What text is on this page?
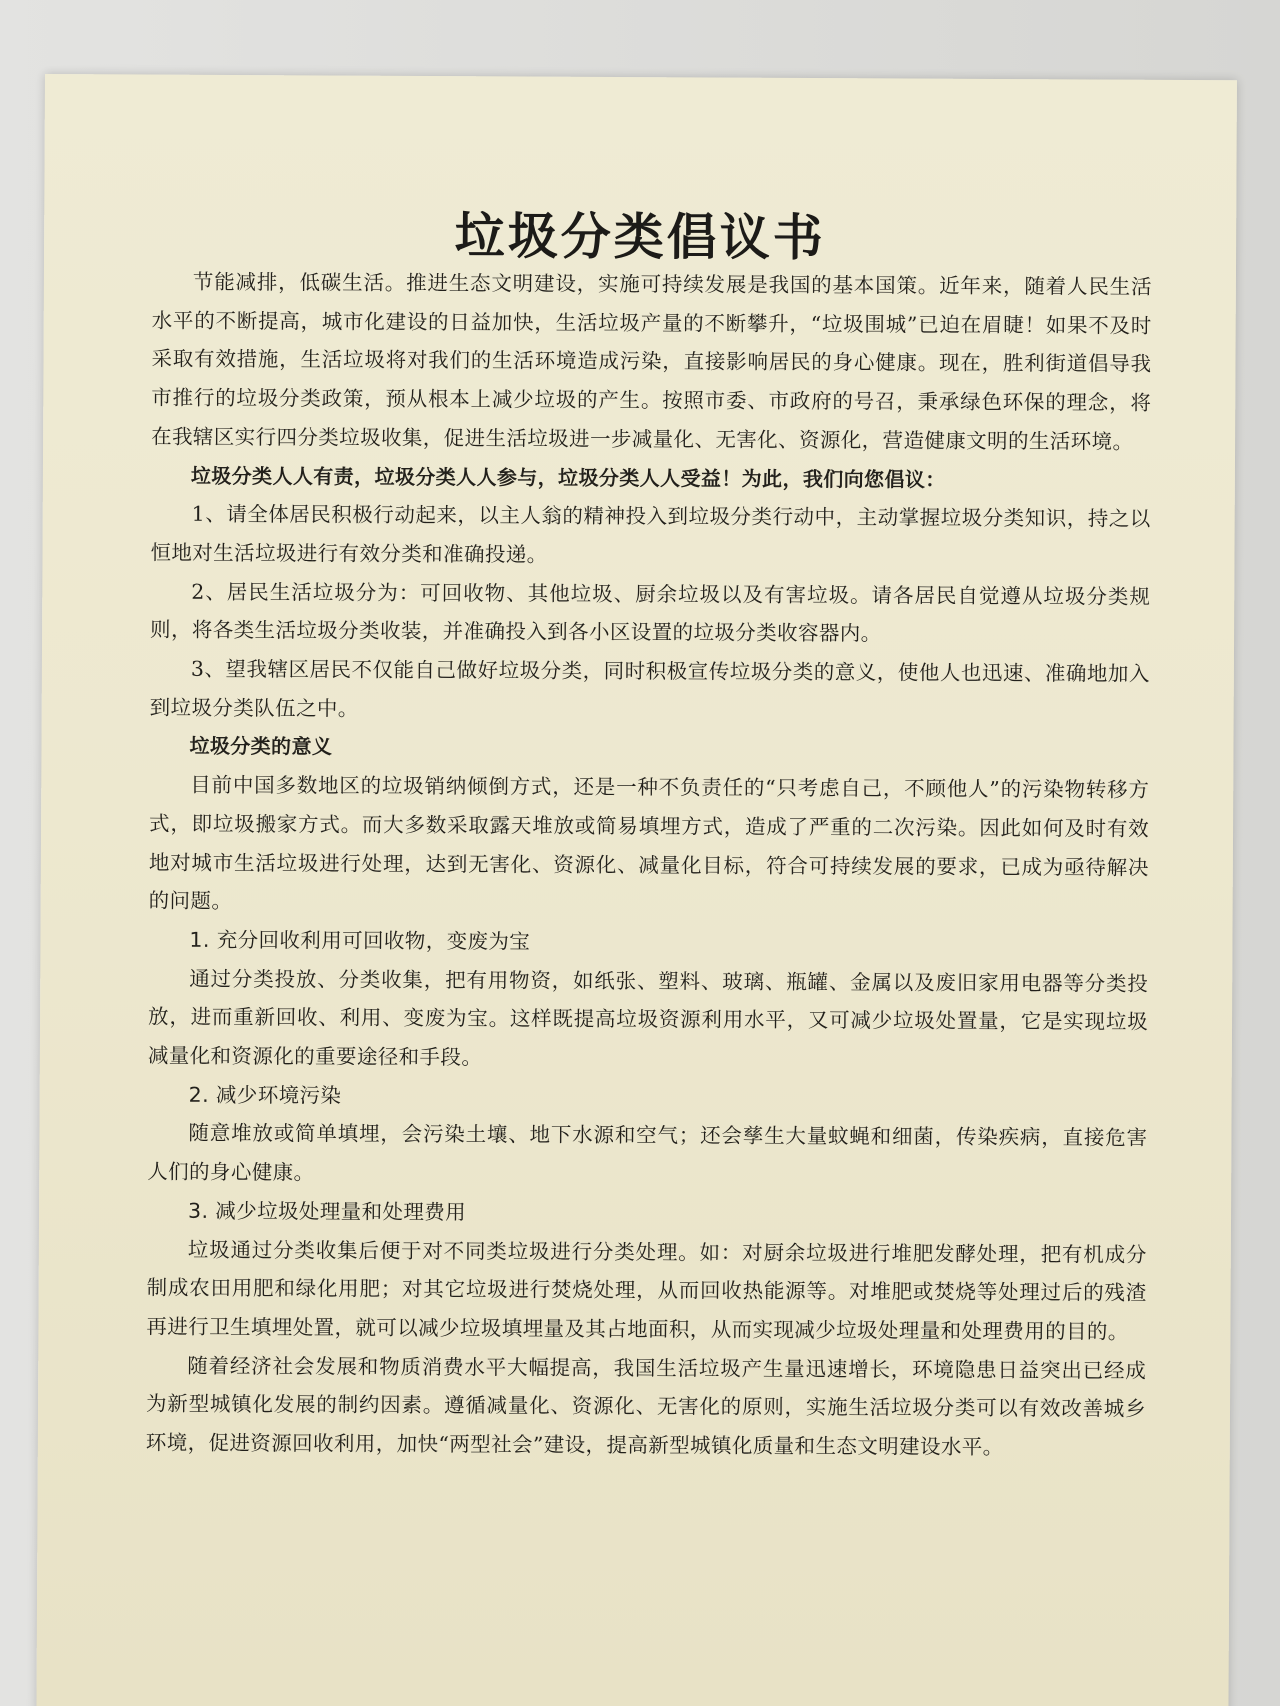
垃圾分类倡议书

节能减排，低碳生活。推进生态文明建设，实施可持续发展是我国的基本国策。近年来，随着人民生活水平的不断提高，城市化建设的日益加快，生活垃圾产量的不断攀升，“垃圾围城”已迫在眉睫！如果不及时采取有效措施，生活垃圾将对我们的生活环境造成污染，直接影响居民的身心健康。现在，胜利街道倡导我市推行的垃圾分类政策，预从根本上减少垃圾的产生。按照市委、市政府的号召，秉承绿色环保的理念，将在我辖区实行四分类垃圾收集，促进生活垃圾进一步减量化、无害化、资源化，营造健康文明的生活环境。

垃圾分类人人有责，垃圾分类人人参与，垃圾分类人人受益！为此，我们向您倡议：

1、请全体居民积极行动起来，以主人翁的精神投入到垃圾分类行动中，主动掌握垃圾分类知识，持之以恒地对生活垃圾进行有效分类和准确投递。

2、居民生活垃圾分为：可回收物、其他垃圾、厨余垃圾以及有害垃圾。请各居民自觉遵从垃圾分类规则，将各类生活垃圾分类收装，并准确投入到各小区设置的垃圾分类收容器内。

3、望我辖区居民不仅能自己做好垃圾分类，同时积极宣传垃圾分类的意义，使他人也迅速、准确地加入到垃圾分类队伍之中。

垃圾分类的意义

目前中国多数地区的垃圾销纳倾倒方式，还是一种不负责任的“只考虑自己，不顾他人”的污染物转移方式，即垃圾搬家方式。而大多数采取露天堆放或简易填埋方式，造成了严重的二次污染。因此如何及时有效地对城市生活垃圾进行处理，达到无害化、资源化、减量化目标，符合可持续发展的要求，已成为亟待解决的问题。

1. 充分回收利用可回收物，变废为宝

通过分类投放、分类收集，把有用物资，如纸张、塑料、玻璃、瓶罐、金属以及废旧家用电器等分类投放，进而重新回收、利用、变废为宝。这样既提高垃圾资源利用水平，又可减少垃圾处置量，它是实现垃圾减量化和资源化的重要途径和手段。

2. 减少环境污染

随意堆放或简单填埋，会污染土壤、地下水源和空气；还会孳生大量蚊蝇和细菌，传染疾病，直接危害人们的身心健康。

3. 减少垃圾处理量和处理费用

垃圾通过分类收集后便于对不同类垃圾进行分类处理。如：对厨余垃圾进行堆肥发酵处理，把有机成分制成农田用肥和绿化用肥；对其它垃圾进行焚烧处理，从而回收热能源等。对堆肥或焚烧等处理过后的残渣再进行卫生填埋处置，就可以减少垃圾填埋量及其占地面积，从而实现减少垃圾处理量和处理费用的目的。

随着经济社会发展和物质消费水平大幅提高，我国生活垃圾产生量迅速增长，环境隐患日益突出已经成为新型城镇化发展的制约因素。遵循减量化、资源化、无害化的原则，实施生活垃圾分类可以有效改善城乡环境，促进资源回收利用，加快“两型社会”建设，提高新型城镇化质量和生态文明建设水平。
